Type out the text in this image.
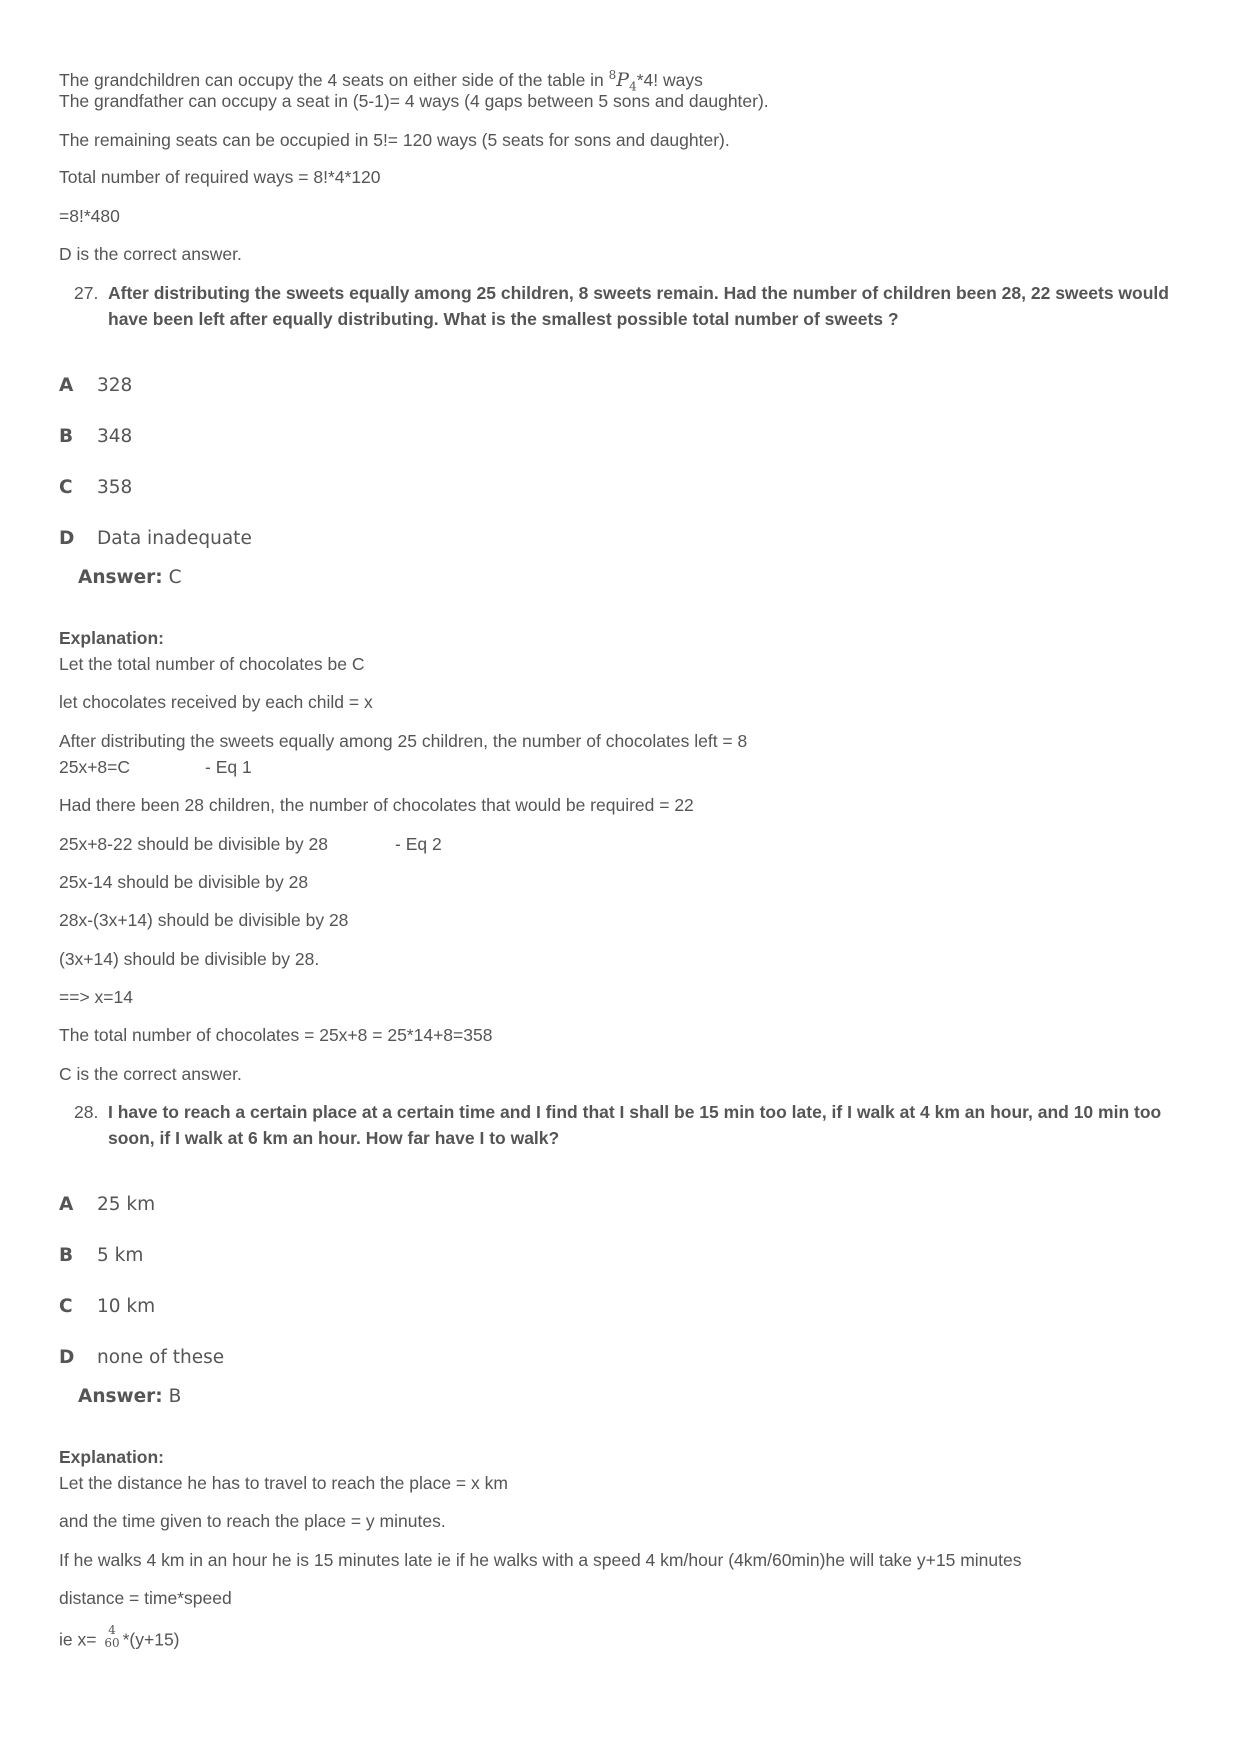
The grandchildren can occupy the 4 seats on either side of the table in $^8P_4*4$! ways
The grandfather can occupy a seat in (5-1)= 4 ways (4 gaps between 5 sons and daughter).
The remaining seats can be occupied in 5!= 120 ways (5 seats for sons and daughter).
Total number of required ways = 8!*4*120
=8!*480
D is the correct answer.
27. After distributing the sweets equally among 25 children, 8 sweets remain. Had the number of children been 28, 22 sweets would have been left after equally distributing. What is the smallest possible total number of sweets ?
A 328
B 348
C 358
D Data inadequate
Answer: C
Explanation:
Let the total number of chocolates be C
let chocolates received by each child = x
After distributing the sweets equally among 25 children, the number of chocolates left = 8
25x+8=C	- Eq 1
Had there been 28 children, the number of chocolates that would be required = 22
25x+8-22 should be divisible by 28	- Eq 2
25x-14 should be divisible by 28
28x-(3x+14) should be divisible by 28
(3x+14) should be divisible by 28.
==> x=14
The total number of chocolates = 25x+8 = 25*14+8=358
C is the correct answer.
28. I have to reach a certain place at a certain time and I find that I shall be 15 min too late, if I walk at 4 km an hour, and 10 min too soon, if I walk at 6 km an hour. How far have I to walk?
A 25 km
B 5 km
C 10 km
D none of these
Answer: B
Explanation:
Let the distance he has to travel to reach the place = x km
and the time given to reach the place = y minutes.
If he walks 4 km in an hour he is 15 minutes late ie if he walks with a speed 4 km/hour (4km/60min)he will take y+15 minutes
distance = time*speed
ie x= 4
60 *(y+15)
